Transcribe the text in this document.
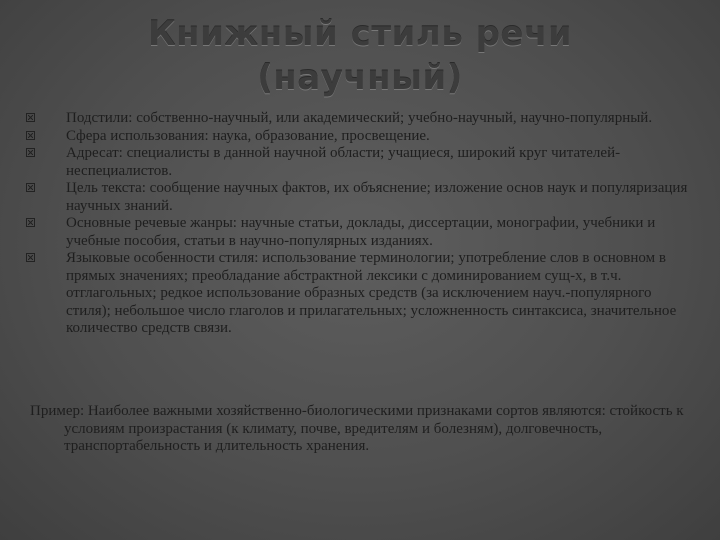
Книжный стиль речи
(научный)
Подстили: собственно-научный, или академический; учебно-научный, научно-популярный.
Сфера использования: наука, образование, просвещение.
Адресат: специалисты в данной научной области; учащиеся, широкий круг читателей-неспециалистов.
Цель текста: сообщение научных фактов, их объяснение; изложение основ наук и популяризация научных знаний.
Основные речевые жанры: научные статьи, доклады, диссертации, монографии, учебники и учебные пособия, статьи в научно-популярных изданиях.
Языковые особенности стиля: использование терминологии; употребление слов в основном в прямых значениях; преобладание абстрактной лексики с доминированием сущ-х, в т.ч. отглагольных; редкое использование образных средств (за исключением науч.-популярного стиля); небольшое число глаголов и прилагательных; усложненность синтаксиса, значительное количество средств связи.
Пример: Наиболее важными хозяйственно-биологическими признаками сортов являются: стойкость к условиям произрастания (к климату, почве, вредителям и болезням), долговечность, транспортабельность и длительность хранения.
